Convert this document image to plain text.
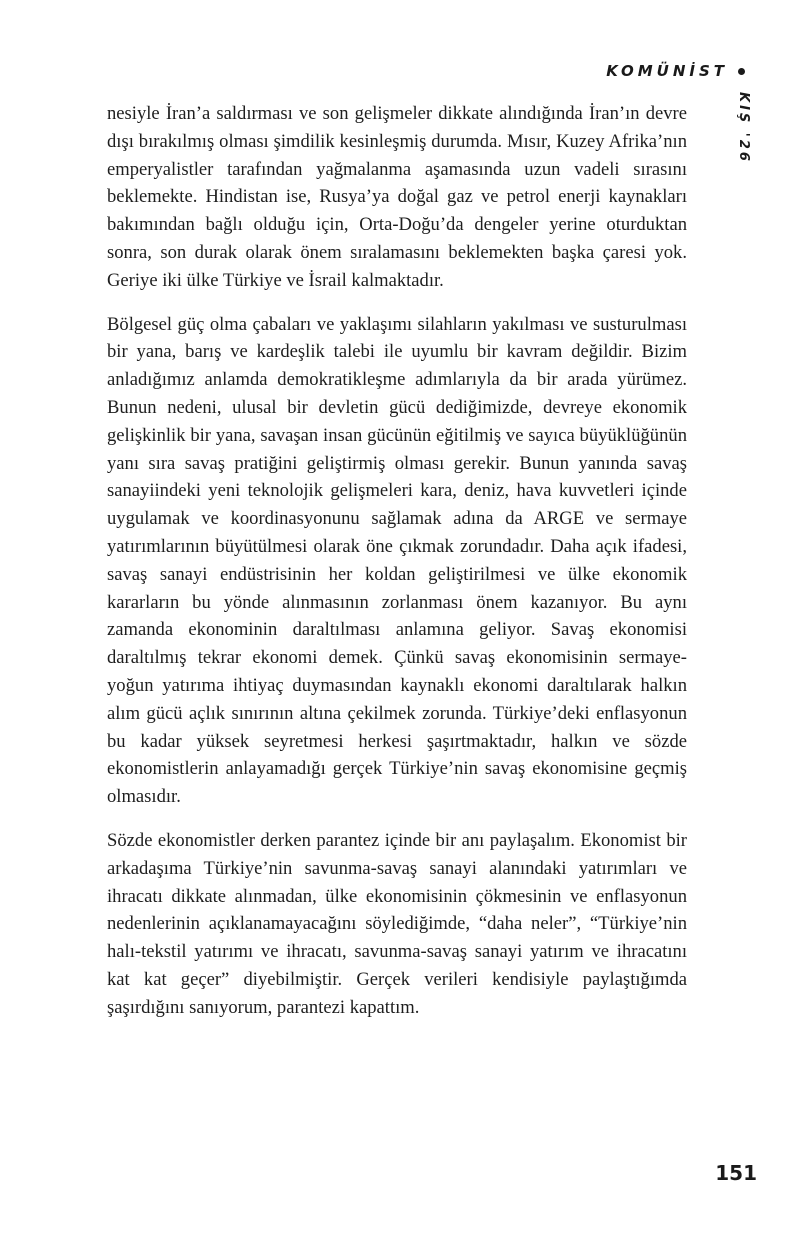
KOMÜNİST
KIŞ '26

nesiyle İran’a saldırması ve son gelişmeler dikkate alındığında İran’ın devre dışı bırakılmış olması şimdilik kesinleşmiş durumda. Mısır, Kuzey Afrika’nın emperyalistler tarafından yağmalanma aşamasında uzun vadeli sırasını beklemekte. Hindistan ise, Rusya’ya doğal gaz ve petrol enerji kaynakları bakımından bağlı olduğu için, Orta-Doğu’da dengeler yerine oturduktan sonra, son durak olarak önem sıralamasını beklemekten başka çaresi yok. Geriye iki ülke Türkiye ve İsrail kalmaktadır.

Bölgesel güç olma çabaları ve yaklaşımı silahların yakılması ve susturulması bir yana, barış ve kardeşlik talebi ile uyumlu bir kavram değildir. Bizim anladığımız anlamda demokratikleşme adımlarıyla da bir arada yürümez. Bunun nedeni, ulusal bir devletin gücü dediğimizde, devreye ekonomik gelişkinlik bir yana, savaşan insan gücünün eğitilmiş ve sayıca büyüklüğünün yanı sıra savaş pratiğini geliştirmiş olması gerekir. Bunun yanında savaş sanayiindeki yeni teknolojik gelişmeleri kara, deniz, hava kuvvetleri içinde uygulamak ve koordinasyonunu sağlamak adına da ARGE ve sermaye yatırımlarının büyütülmesi olarak öne çıkmak zorundadır. Daha açık ifadesi, savaş sanayi endüstrisinin her koldan geliştirilmesi ve ülke ekonomik kararların bu yönde alınmasının zorlanması önem kazanıyor. Bu aynı zamanda ekonominin daraltılması anlamına geliyor. Savaş ekonomisi daraltılmış tekrar ekonomi demek. Çünkü savaş ekonomisinin sermaye-yoğun yatırıma ihtiyaç duymasından kaynaklı ekonomi daraltılarak halkın alım gücü açlık sınırının altına çekilmek zorunda. Türkiye’deki enflasyonun bu kadar yüksek seyretmesi herkesi şaşırtmaktadır, halkın ve sözde ekonomistlerin anlayamadığı gerçek Türkiye’nin savaş ekonomisine geçmiş olmasıdır.

Sözde ekonomistler derken parantez içinde bir anı paylaşalım. Ekonomist bir arkadaşıma Türkiye’nin savunma-savaş sanayi alanındaki yatırımları ve ihracatı dikkate alınmadan, ülke ekonomisinin çökmesinin ve enflasyonun nedenlerinin açıklanamayacağını söylediğimde, “daha neler”, “Türkiye’nin halı-tekstil yatırımı ve ihracatı, savunma-savaş sanayi yatırım ve ihracatını kat kat geçer” diyebilmiştir. Gerçek verileri kendisiyle paylaştığımda şaşırdığını sanıyorum, parantezi kapattım.

151
